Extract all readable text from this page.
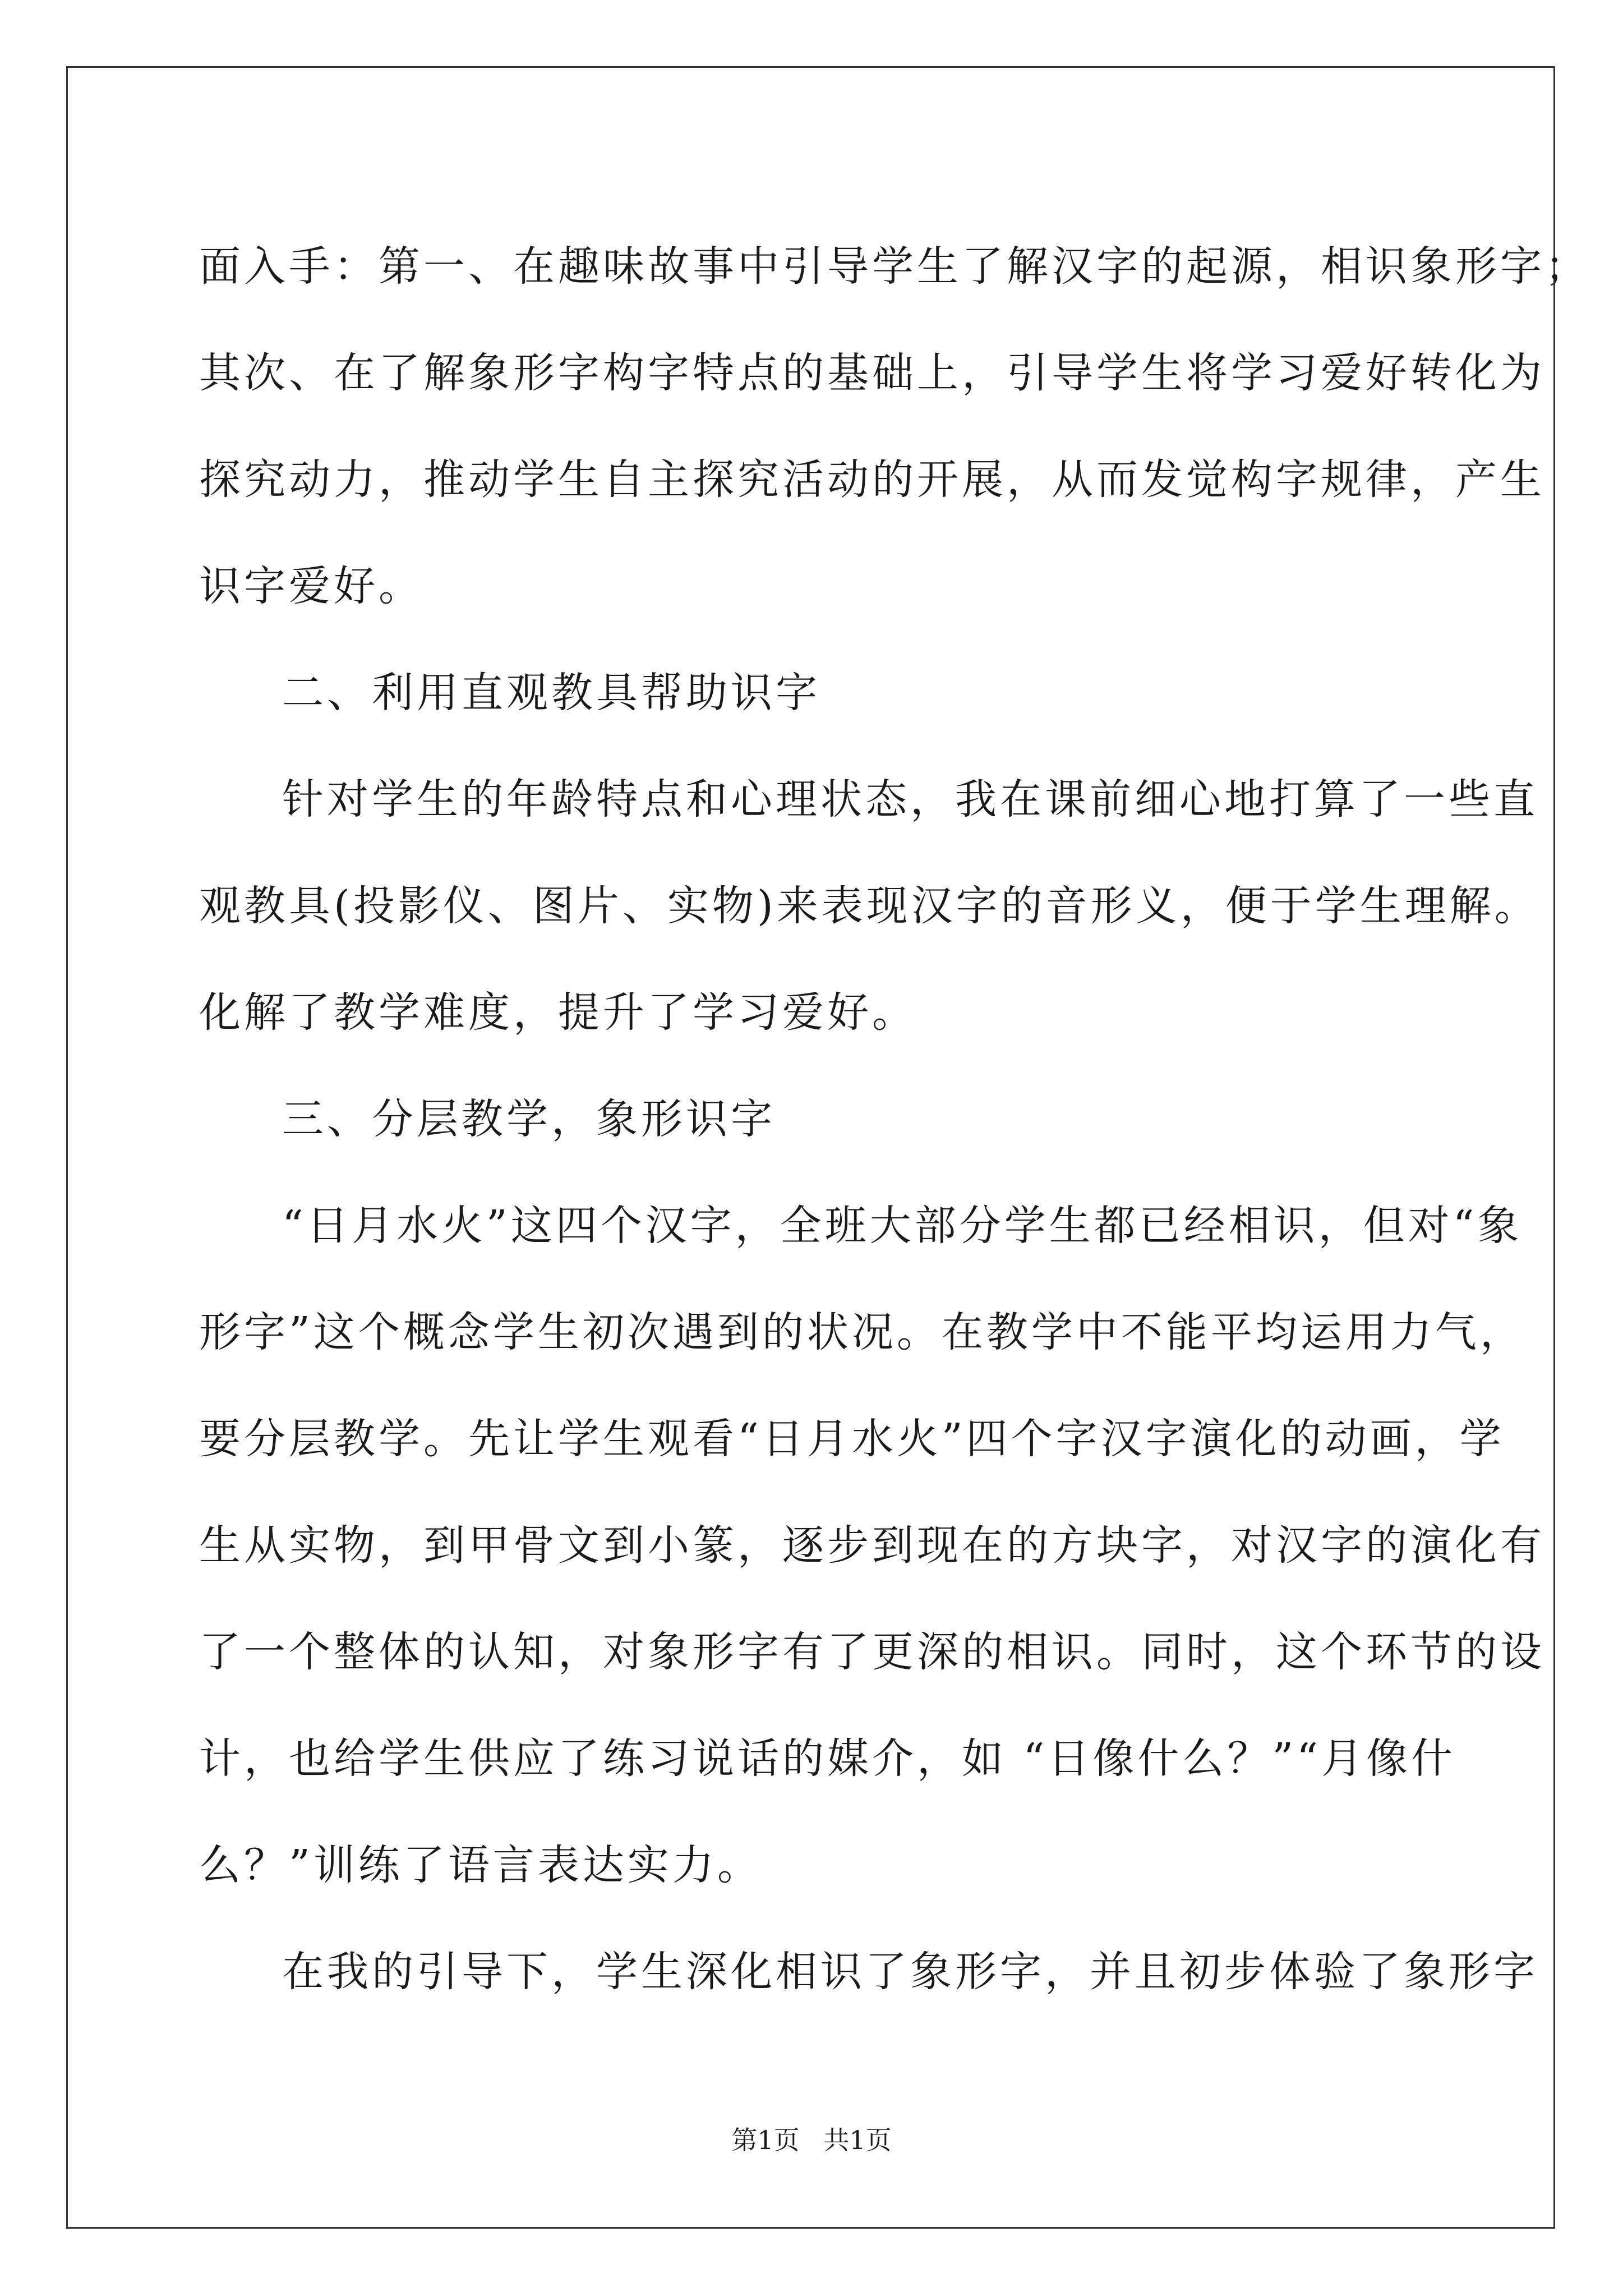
面入手：第一、在趣味故事中引导学生了解汉字的起源，相识象形字；
其次、在了解象形字构字特点的基础上，引导学生将学习爱好转化为
探究动力，推动学生自主探究活动的开展，从而发觉构字规律，产生
识字爱好。
二、利用直观教具帮助识字
针对学生的年龄特点和心理状态，我在课前细心地打算了一些直
观教具(投影仪、图片、实物)来表现汉字的音形义，便于学生理解。
化解了教学难度，提升了学习爱好。
三、分层教学，象形识字
“日月水火”这四个汉字，全班大部分学生都已经相识，但对“象
形字”这个概念学生初次遇到的状况。在教学中不能平均运用力气，
要分层教学。先让学生观看“日月水火”四个字汉字演化的动画，学
生从实物，到甲骨文到小篆，逐步到现在的方块字，对汉字的演化有
了一个整体的认知，对象形字有了更深的相识。同时，这个环节的设
计，也给学生供应了练习说话的媒介，如 “日像什么？”“月像什
么？”训练了语言表达实力。
在我的引导下，学生深化相识了象形字，并且初步体验了象形字
第1页 共1页
